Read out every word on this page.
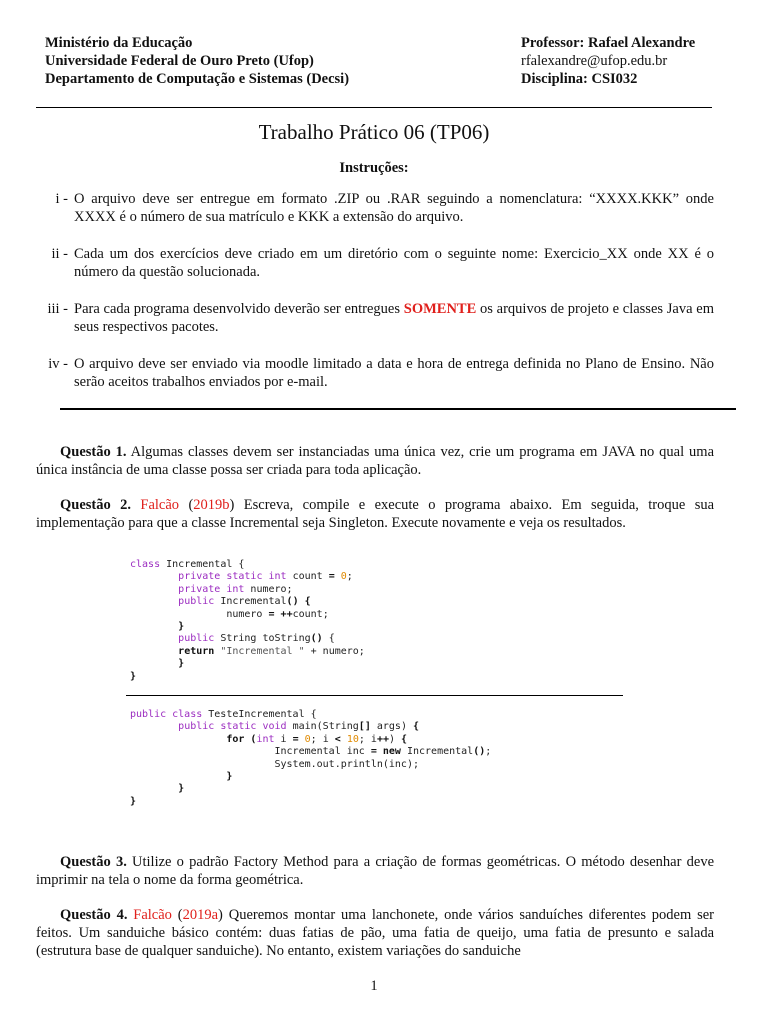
Ministério da Educação
Universidade Federal de Ouro Preto (Ufop)
Departamento de Computação e Sistemas (Decsi)
Professor: Rafael Alexandre
rfalexandre@ufop.edu.br
Disciplina: CSI032
Trabalho Prático 06 (TP06)
Instruções:
i - O arquivo deve ser entregue em formato .ZIP ou .RAR seguindo a nomenclatura: “XXXX.KKK” onde XXXX é o número de sua matrículo e KKK a extensão do arquivo.
ii - Cada um dos exercícios deve criado em um diretório com o seguinte nome: Exercicio_XX onde XX é o número da questão solucionada.
iii - Para cada programa desenvolvido deverão ser entregues SOMENTE os arquivos de projeto e classes Java em seus respectivos pacotes.
iv - O arquivo deve ser enviado via moodle limitado a data e hora de entrega definida no Plano de Ensino. Não serão aceitos trabalhos enviados por e-mail.
Questão 1. Algumas classes devem ser instanciadas uma única vez, crie um programa em JAVA no qual uma única instância de uma classe possa ser criada para toda aplicação.
Questão 2. Falcão (2019b) Escreva, compile e execute o programa abaixo. Em seguida, troque sua implementação para que a classe Incremental seja Singleton. Execute novamente e veja os resultados.
class Incremental {
private static int count = 0;
private int numero;
public Incremental() {
numero = ++count;
}
public String toString() {
return "Incremental " + numero;
}
}
public class TesteIncremental {
public static void main(String[] args) {
for (int i = 0; i < 10; i++) {
Incremental inc = new Incremental();
System.out.println(inc);
}
}
}
Questão 3. Utilize o padrão Factory Method para a criação de formas geométricas. O método desenhar deve imprimir na tela o nome da forma geométrica.
Questão 4. Falcão (2019a) Queremos montar uma lanchonete, onde vários sanduíches diferentes podem ser feitos. Um sanduiche básico contém: duas fatias de pão, uma fatia de queijo, uma fatia de presunto e salada (estrutura base de qualquer sanduiche). No entanto, existem variações do sanduiche
1
